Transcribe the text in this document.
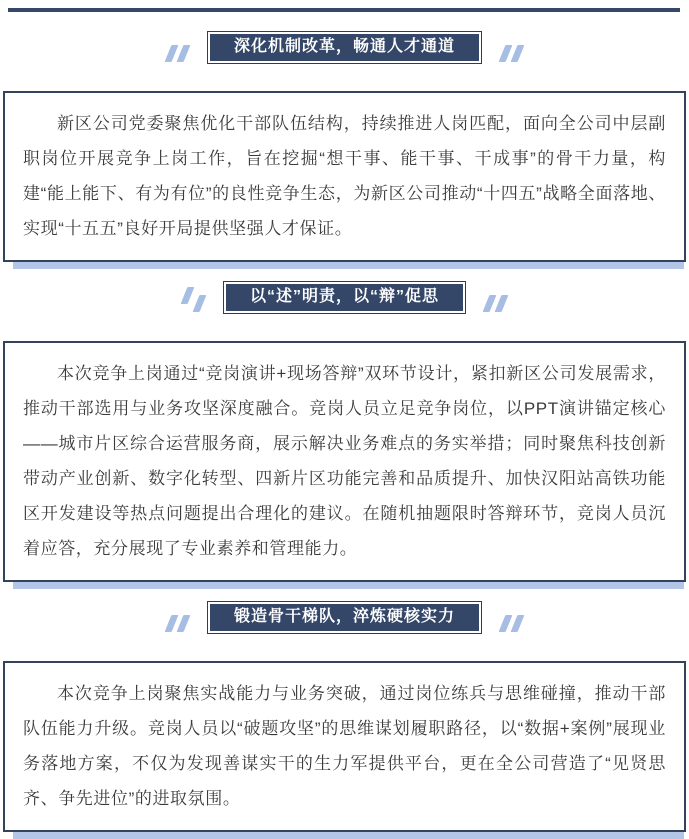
深化机制改革，畅通人才通道

新区公司党委聚焦优化干部队伍结构，持续推进人岗匹配，面向全公司中层副职岗位开展竞争上岗工作，旨在挖掘“想干事、能干事、干成事”的骨干力量，构建“能上能下、有为有位”的良性竞争生态，为新区公司推动“十四五”战略全面落地、实现“十五五”良好开局提供坚强人才保证。

以“述”明责，以“辩”促思

本次竞争上岗通过“竞岗演讲+现场答辩”双环节设计，紧扣新区公司发展需求，推动干部选用与业务攻坚深度融合。竞岗人员立足竞争岗位，以PPT演讲锚定核心——城市片区综合运营服务商，展示解决业务难点的务实举措；同时聚焦科技创新带动产业创新、数字化转型、四新片区功能完善和品质提升、加快汉阳站高铁功能区开发建设等热点问题提出合理化的建议。在随机抽题限时答辩环节，竞岗人员沉着应答，充分展现了专业素养和管理能力。

锻造骨干梯队，淬炼硬核实力

本次竞争上岗聚焦实战能力与业务突破，通过岗位练兵与思维碰撞，推动干部队伍能力升级。竞岗人员以“破题攻坚”的思维谋划履职路径，以“数据+案例”展现业务落地方案，不仅为发现善谋实干的生力军提供平台，更在全公司营造了“见贤思齐、争先进位”的进取氛围。
